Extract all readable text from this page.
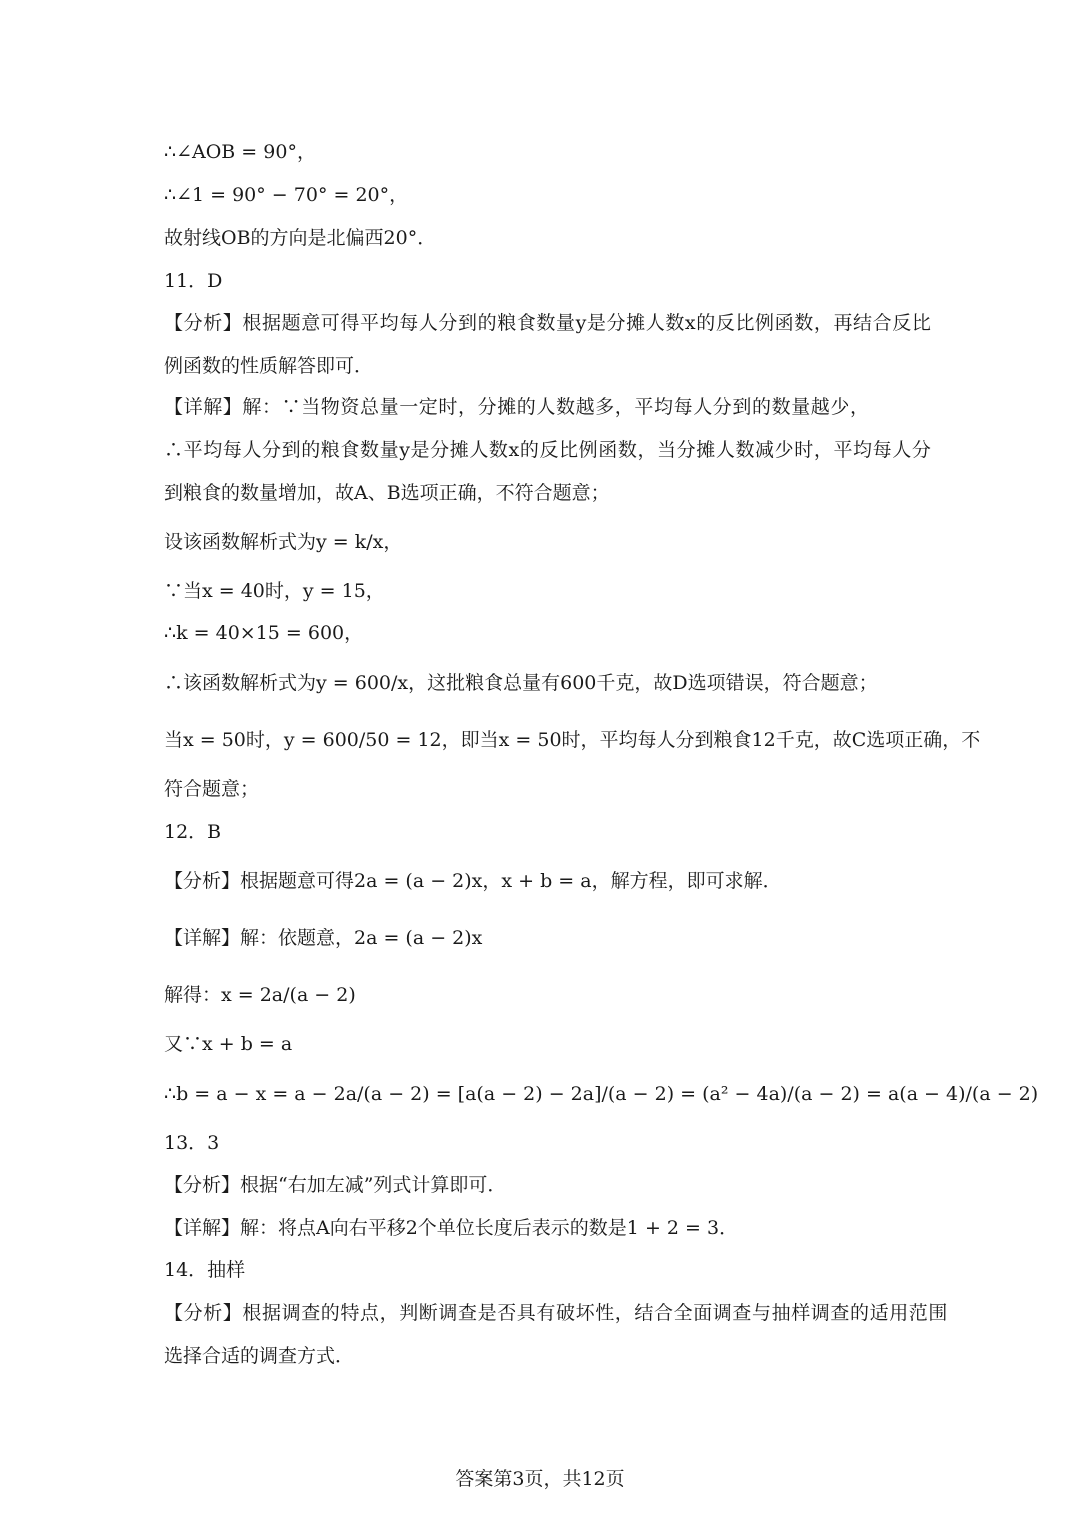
∴∠AOB = 90°，
∴∠1 = 90° − 70° = 20°，
故射线OB的方向是北偏西20°．
11．D
【分析】根据题意可得平均每人分到的粮食数量y是分摊人数x的反比例函数，再结合反比
例函数的性质解答即可．
【详解】解：∵当物资总量一定时，分摊的人数越多，平均每人分到的数量越少，
∴平均每人分到的粮食数量y是分摊人数x的反比例函数，当分摊人数减少时，平均每人分
到粮食的数量增加，故A、B选项正确，不符合题意；
设该函数解析式为y = k/x，
∵当x = 40时，y = 15，
∴k = 40×15 = 600，
∴该函数解析式为y = 600/x，这批粮食总量有600千克，故D选项错误，符合题意；
当x = 50时，y = 600/50 = 12，即当x = 50时，平均每人分到粮食12千克，故C选项正确，不
符合题意；
12．B
【分析】根据题意可得2a = (a − 2)x，x + b = a，解方程，即可求解．
【详解】解：依题意，2a = (a − 2)x
解得：x = 2a/(a − 2)
又∵x + b = a
∴b = a − x = a − 2a/(a − 2) = [a(a − 2) − 2a]/(a − 2) = (a² − 4a)/(a − 2) = a(a − 4)/(a − 2)
13．3
【分析】根据“右加左减”列式计算即可．
【详解】解：将点A向右平移2个单位长度后表示的数是1 + 2 = 3．
14．抽样
【分析】根据调查的特点，判断调查是否具有破坏性，结合全面调查与抽样调查的适用范围
选择合适的调查方式．
答案第3页，共12页
